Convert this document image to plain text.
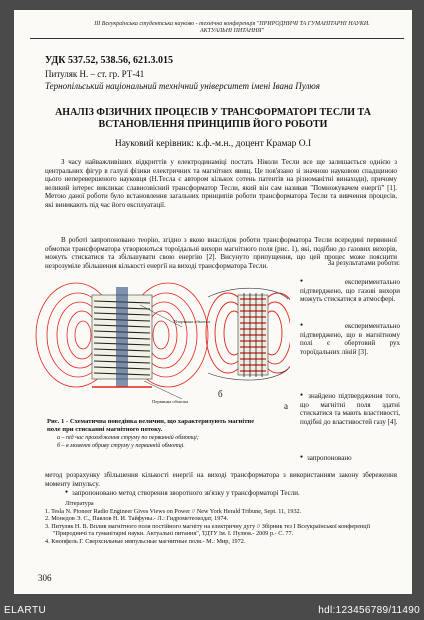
ІІІ Всеукраїнська студентська науково - технічна конференція "ПРИРОДНИЧІ ТА ГУМАНІТАРНІ НАУКИ.
АКТУАЛЬНІ ПИТАННЯ"
УДК 537.52, 538.56, 621.3.015
Питуляк Н. – ст. гр. РТ-41
Тернопільський національний технічний університет імені Івана Пулюя
АНАЛІЗ ФІЗИЧНИХ ПРОЦЕСІВ У ТРАНСФОРМАТОРІ ТЕСЛИ ТА
ВСТАНОВЛЕННЯ ПРИНЦИПІВ ЙОГО РОБОТИ
Науковий керівник: к.ф.-м.н., доцент Крамар О.І
З часу найважливіших відкриттів у електродинаміці постать Ніколи Тесли все ще залишається однією з центральних фігур в галузі фізики електричних та магнітних явищ. Це пов'язано зі значною науковою спадщиною цього неперевершеного науковця (Н.Тесла є автором кількох сотень патентів на різноманітні винаходи), причому великий інтерес викликає славнозвісний трансформатор Тесли, який він сам називав "Помножувачем енергії" [1]. Метою даної роботи було встановлення загальних принципів роботи трансформатора Тесли та вивчення процесів, які виникають під час його експлуатації.
В роботі запропоновано теорію, згідно з якою внаслідок роботи трансформатора Тесли всередині первинної обмотки трансформатора утворюються тороїдальні вихори магнітного поля (рис. 1), які, подібно до газових вихорів, можуть стискатися та збільшувати свою енергію [2]. Висунуто припущення, що цей процес може пояснити незрозуміле збільшення кількості енергії на виході трансформатора Тесли.	За результатами роботи:
● експериментально підтверджено, що газові вихори можуть стискатися в атмосфері.
● експериментально підтверджено, що в магнітному полі є обертовий рух тороїдальних ліній [3].
● знайдено підтвердження того, що магнітні поля здатні стискатися та мають властивості, подібні до властивостей газу [4].
● запропоновано
Вторинна обмотка
Первинна обмотка	а
б
Рис. 1 - Схематична поведінка величин, що характеризують магнітне поле при стисканні магнітного потоку.
а – під час проходження струму по первинній обмотці;
б – в момент обриву струму у первинній обмотці.
метод розрахунку збільшення кількості енергії на виході трансформатора з використанням закону збереження моменту імпульсу.
● запропоновано метод створення зворотного зв'язку у трансформаторі Тесли.
Література
1. Tesla N. Pioneer Radio Engineer Gives Views on Power // New York Herald Tribune, Sept. 11, 1932.
2. Монедов Э. С., Павлов Н. И. Тайфуны.- Л.: Гидрометеоиздат, 1974.
3. Питуляк Н. В. Вплив магнітного поля постійного магніту на електричну дугу // Збірник тез І Всеукраїнської конференції "Природничі та гуманітарні науки. Актуальні питання", ТДТУ їм. І. Пулюя.- 2009 р.- С. 77.
4. Кнопфель Г. Сверхсильные импульсные магнитные поля.- М.: Мир, 1972.
306
ELARTU	hdl:123456789/11490
